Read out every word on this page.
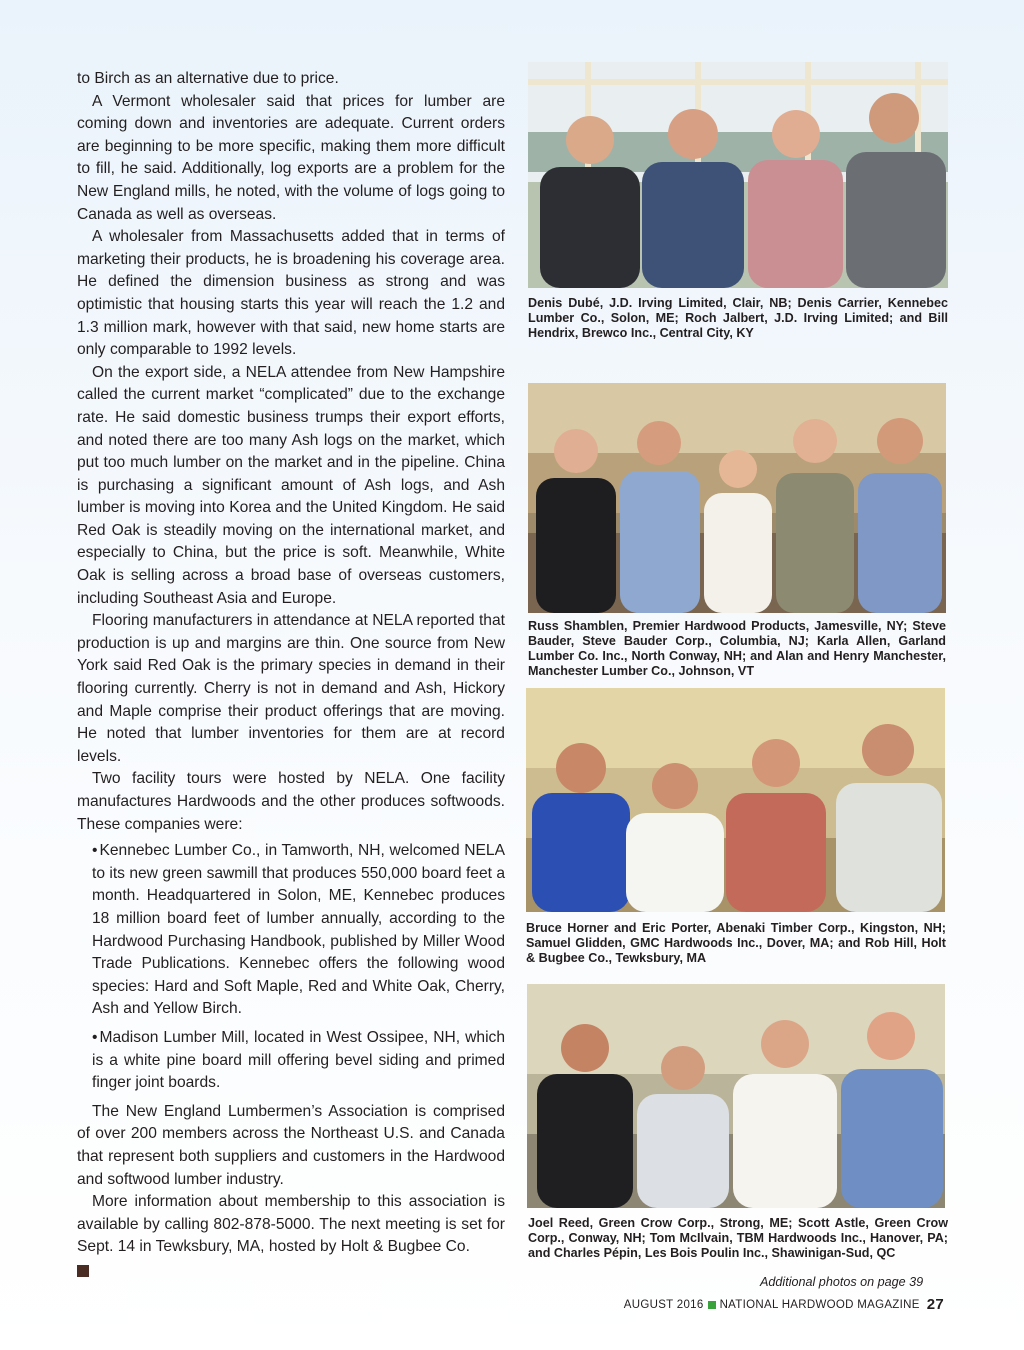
to Birch as an alternative due to price.

A Vermont wholesaler said that prices for lumber are coming down and inventories are adequate. Current orders are beginning to be more specific, making them more difficult to fill, he said. Additionally, log exports are a problem for the New England mills, he noted, with the volume of logs going to Canada as well as overseas.

A wholesaler from Massachusetts added that in terms of marketing their products, he is broadening his coverage area. He defined the dimension business as strong and was optimistic that housing starts this year will reach the 1.2 and 1.3 million mark, however with that said, new home starts are only comparable to 1992 levels.

On the export side, a NELA attendee from New Hampshire called the current market “complicated” due to the exchange rate. He said domestic business trumps their export efforts, and noted there are too many Ash logs on the market, which put too much lumber on the market and in the pipeline. China is purchasing a significant amount of Ash logs, and Ash lumber is moving into Korea and the United Kingdom. He said Red Oak is steadily moving on the international market, and especially to China, but the price is soft. Meanwhile, White Oak is selling across a broad base of overseas customers, including Southeast Asia and Europe.

Flooring manufacturers in attendance at NELA reported that production is up and margins are thin. One source from New York said Red Oak is the primary species in demand in their flooring currently. Cherry is not in demand and Ash, Hickory and Maple comprise their product offerings that are moving. He noted that lumber inventories for them are at record levels.

Two facility tours were hosted by NELA. One facility manufactures Hardwoods and the other produces softwoods. These companies were:

• Kennebec Lumber Co., in Tamworth, NH, welcomed NELA to its new green sawmill that produces 550,000 board feet a month. Headquartered in Solon, ME, Kennebec produces 18 million board feet of lumber annually, according to the Hardwood Purchasing Handbook, published by Miller Wood Trade Publications. Kennebec offers the following wood species: Hard and Soft Maple, Red and White Oak, Cherry, Ash and Yellow Birch.

• Madison Lumber Mill, located in West Ossipee, NH, which is a white pine board mill offering bevel siding and primed finger joint boards.

The New England Lumbermen’s Association is comprised of over 200 members across the Northeast U.S. and Canada that represent both suppliers and customers in the Hardwood and softwood lumber industry.

More information about membership to this association is available by calling 802-878-5000. The next meeting is set for Sept. 14 in Tewksbury, MA, hosted by Holt & Bugbee Co.

Denis Dubé, J.D. Irving Limited, Clair, NB; Denis Carrier, Kennebec Lumber Co., Solon, ME; Roch Jalbert, J.D. Irving Limited; and Bill Hendrix, Brewco Inc., Central City, KY
Russ Shamblen, Premier Hardwood Products, Jamesville, NY; Steve Bauder, Steve Bauder Corp., Columbia, NJ; Karla Allen, Garland Lumber Co. Inc., North Conway, NH; and Alan and Henry Manchester, Manchester Lumber Co., Johnson, VT
Bruce Horner and Eric Porter, Abenaki Timber Corp., Kingston, NH; Samuel Glidden, GMC Hardwoods Inc., Dover, MA; and Rob Hill, Holt & Bugbee Co., Tewksbury, MA
Joel Reed, Green Crow Corp., Strong, ME; Scott Astle, Green Crow Corp., Conway, NH; Tom McIlvain, TBM Hardwoods Inc., Hanover, PA; and Charles Pépin, Les Bois Poulin Inc., Shawinigan-Sud, QC
Additional photos on page 39
AUGUST 2016 NATIONAL HARDWOOD MAGAZINE 27
